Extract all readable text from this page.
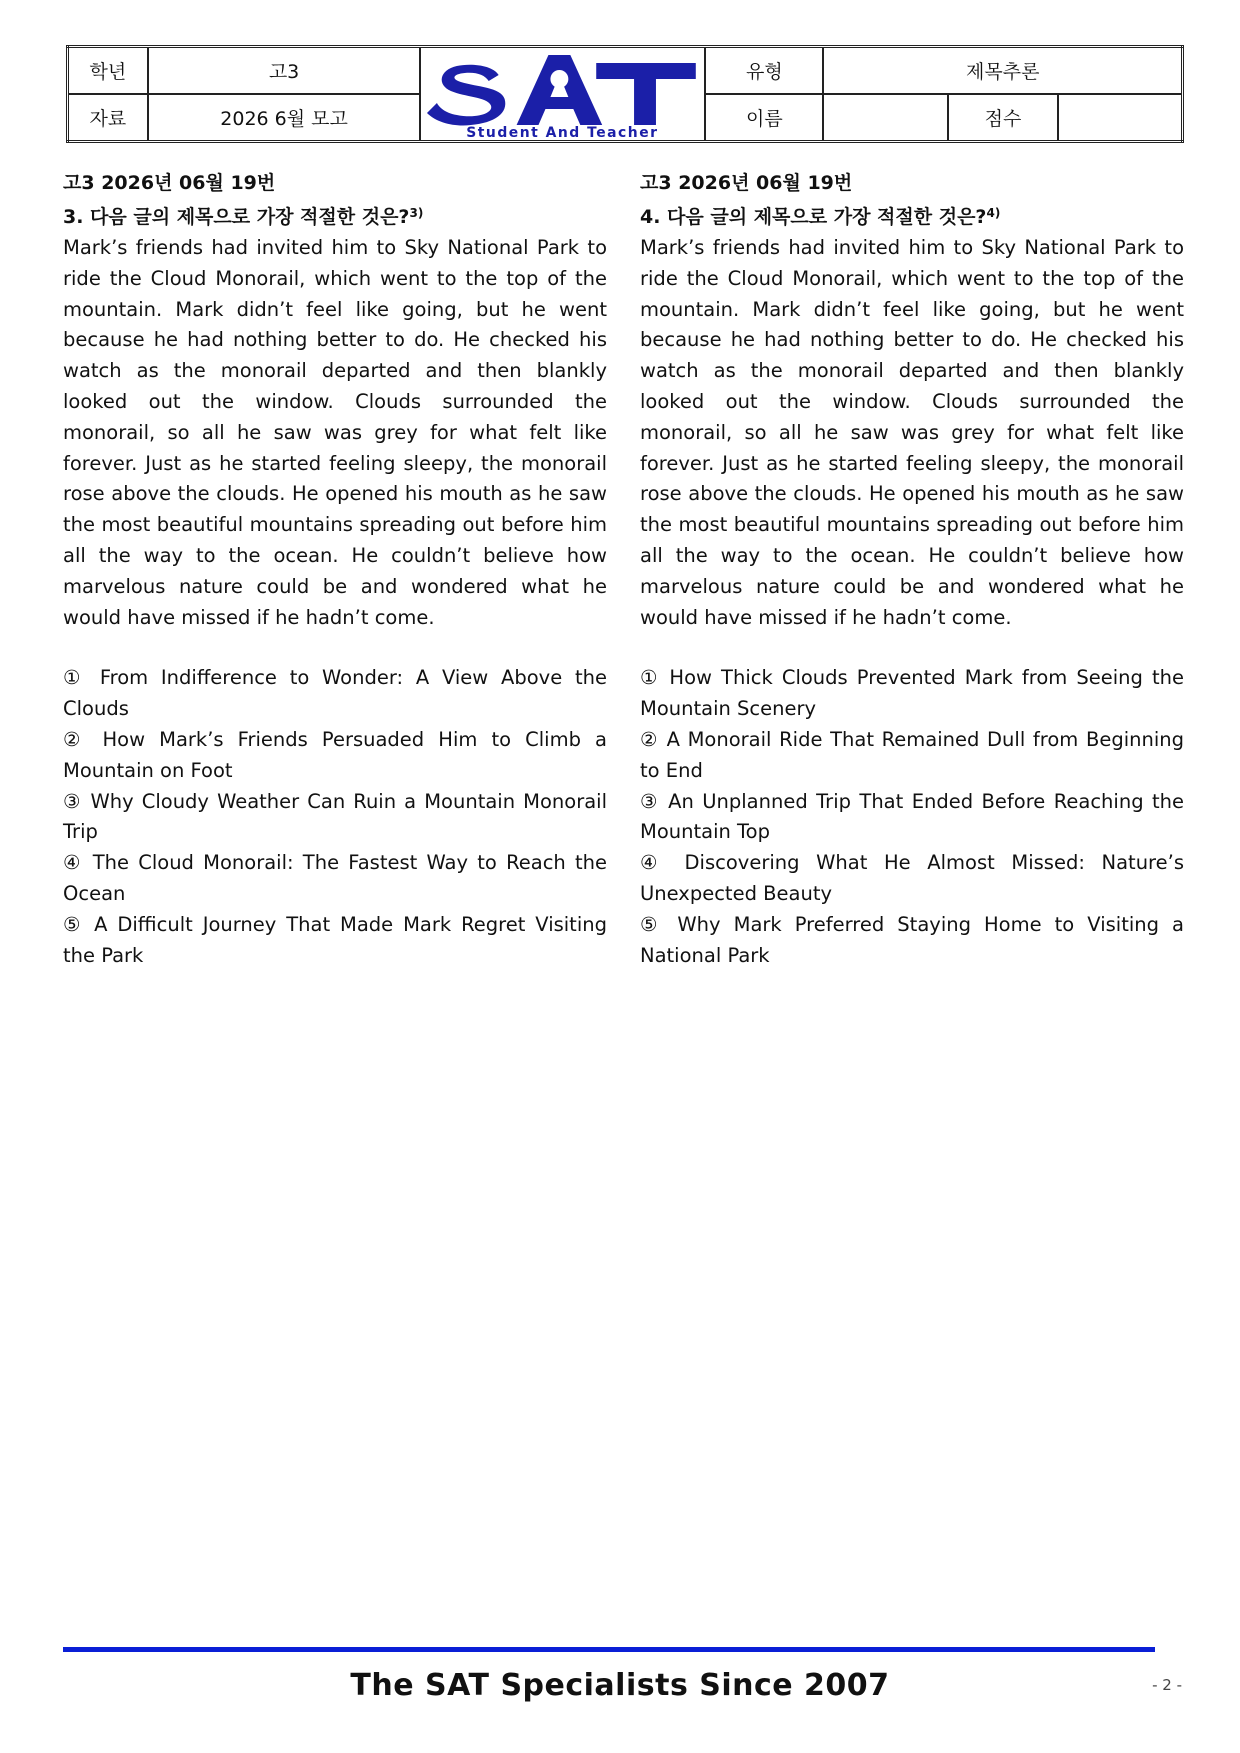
학년	고3	Student And Teacher	유형	제목추론		
자료	2026 6월 모고		이름		점수	
고3 2026년 06월 19번
3. 다음 글의 제목으로 가장 적절한 것은?$^{3)}$

Mark’s friends had invited him to Sky National Park to ride the Cloud Monorail, which went to the top of the mountain. Mark didn’t feel like going, but he went because he had nothing better to do. He checked his watch as the monorail departed and then blankly looked out the window. Clouds surrounded the monorail, so all he saw was grey for what felt like forever. Just as he started feeling sleepy, the monorail rose above the clouds. He opened his mouth as he saw the most beautiful mountains spreading out before him all the way to the ocean. He couldn’t believe how marvelous nature could be and wondered what he would have missed if he hadn’t come.

① From Indifference to Wonder: A View Above the Clouds
② How Mark’s Friends Persuaded Him to Climb a Mountain on Foot
③ Why Cloudy Weather Can Ruin a Mountain Monorail Trip
④ The Cloud Monorail: The Fastest Way to Reach the Ocean
⑤ A Difficult Journey That Made Mark Regret Visiting the Park
고3 2026년 06월 19번
4. 다음 글의 제목으로 가장 적절한 것은?$^{4)}$

Mark’s friends had invited him to Sky National Park to ride the Cloud Monorail, which went to the top of the mountain. Mark didn’t feel like going, but he went because he had nothing better to do. He checked his watch as the monorail departed and then blankly looked out the window. Clouds surrounded the monorail, so all he saw was grey for what felt like forever. Just as he started feeling sleepy, the monorail rose above the clouds. He opened his mouth as he saw the most beautiful mountains spreading out before him all the way to the ocean. He couldn’t believe how marvelous nature could be and wondered what he would have missed if he hadn’t come.

① How Thick Clouds Prevented Mark from Seeing the Mountain Scenery
② A Monorail Ride That Remained Dull from Beginning to End
③ An Unplanned Trip That Ended Before Reaching the Mountain Top
④ Discovering What He Almost Missed: Nature’s Unexpected Beauty
⑤ Why Mark Preferred Staying Home to Visiting a National Park
The SAT Specialists Since 2007	- 2 -
